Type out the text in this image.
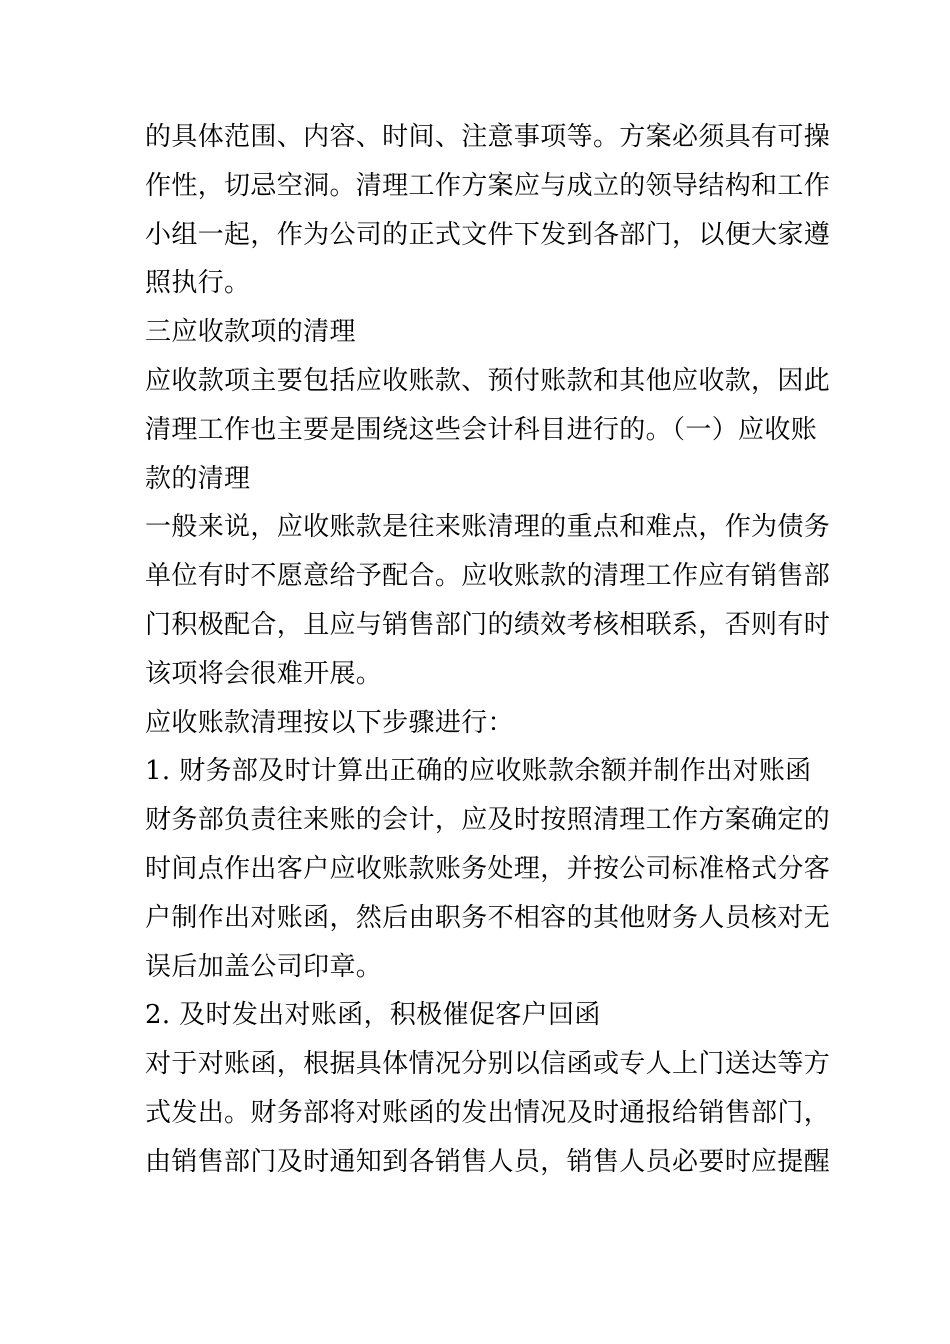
的具体范围、内容、时间、注意事项等。方案必须具有可操
作性，切忌空洞。清理工作方案应与成立的领导结构和工作
小组一起，作为公司的正式文件下发到各部门，以便大家遵
照执行。
三应收款项的清理
应收款项主要包括应收账款、预付账款和其他应收款，因此
清理工作也主要是围绕这些会计科目进行的。（一）应收账
款的清理
一般来说，应收账款是往来账清理的重点和难点，作为债务
单位有时不愿意给予配合。应收账款的清理工作应有销售部
门积极配合，且应与销售部门的绩效考核相联系，否则有时
该项将会很难开展。
应收账款清理按以下步骤进行：
1. 财务部及时计算出正确的应收账款余额并制作出对账函
财务部负责往来账的会计，应及时按照清理工作方案确定的
时间点作出客户应收账款账务处理，并按公司标准格式分客
户制作出对账函，然后由职务不相容的其他财务人员核对无
误后加盖公司印章。
2. 及时发出对账函，积极催促客户回函
对于对账函，根据具体情况分别以信函或专人上门送达等方
式发出。财务部将对账函的发出情况及时通报给销售部门，
由销售部门及时通知到各销售人员，销售人员必要时应提醒
